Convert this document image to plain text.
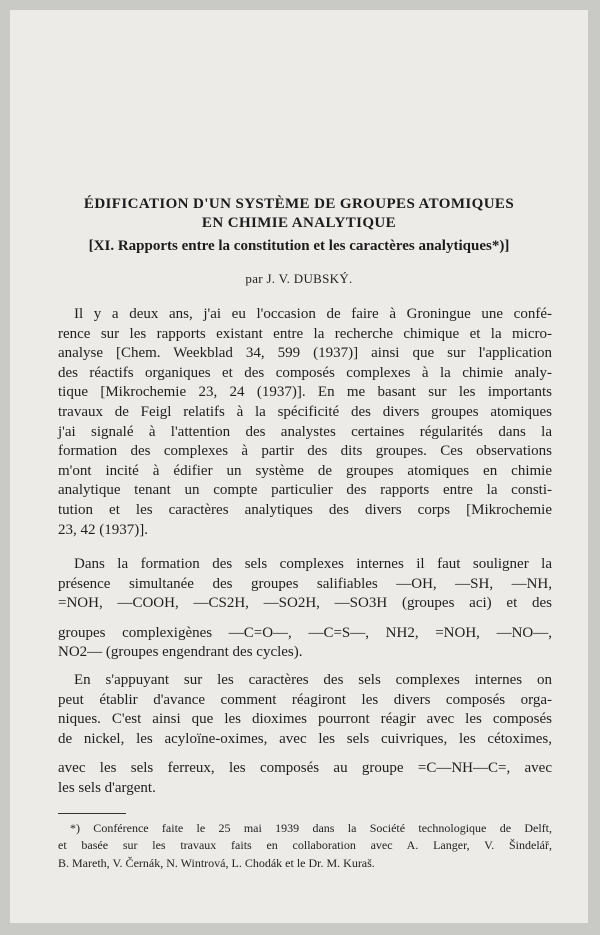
ÉDIFICATION D'UN SYSTÈME DE GROUPES ATOMIQUES
EN CHIMIE ANALYTIQUE
[XI. Rapports entre la constitution et les caractères analytiques*)]
par J. V. DUBSKÝ.
Il y a deux ans, j'ai eu l'occasion de faire à Groningue une confé-
rence sur les rapports existant entre la recherche chimique et la micro-
analyse [Chem. Weekblad 34, 599 (1937)] ainsi que sur l'application
des réactifs organiques et des composés complexes à la chimie analy-
tique [Mikrochemie 23, 24 (1937)]. En me basant sur les importants
travaux de Feigl relatifs à la spécificité des divers groupes atomiques
j'ai signalé à l'attention des analystes certaines régularités dans la
formation des complexes à partir des dits groupes. Ces observations
m'ont incité à édifier un système de groupes atomiques en chimie
analytique tenant un compte particulier des rapports entre la consti-
tution et les caractères analytiques des divers corps [Mikrochemie
23, 42 (1937)].
Dans la formation des sels complexes internes il faut souligner la
présence simultanée des groupes salifiables —OH, —SH, —NH,
=NOH, —COOH, —CS2H, —SO2H, —SO3H (groupes aci) et des
groupes complexigènes —C=O—, —C=S—, NH2, =NOH, —NO—,
NO2— (groupes engendrant des cycles).
En s'appuyant sur les caractères des sels complexes internes on
peut établir d'avance comment réagiront les divers composés orga-
niques. C'est ainsi que les dioximes pourront réagir avec les composés
de nickel, les acyloïne-oximes, avec les sels cuivriques, les cétoximes,
avec les sels ferreux, les composés au groupe =C—NH—C=, avec
les sels d'argent.
*) Conférence faite le 25 mai 1939 dans la Société technologique de Delft,
et basée sur les travaux faits en collaboration avec A. Langer, V. Šindelář,
B. Mareth, V. Černák, N. Wintrová, L. Chodák et le Dr. M. Kuraš.
